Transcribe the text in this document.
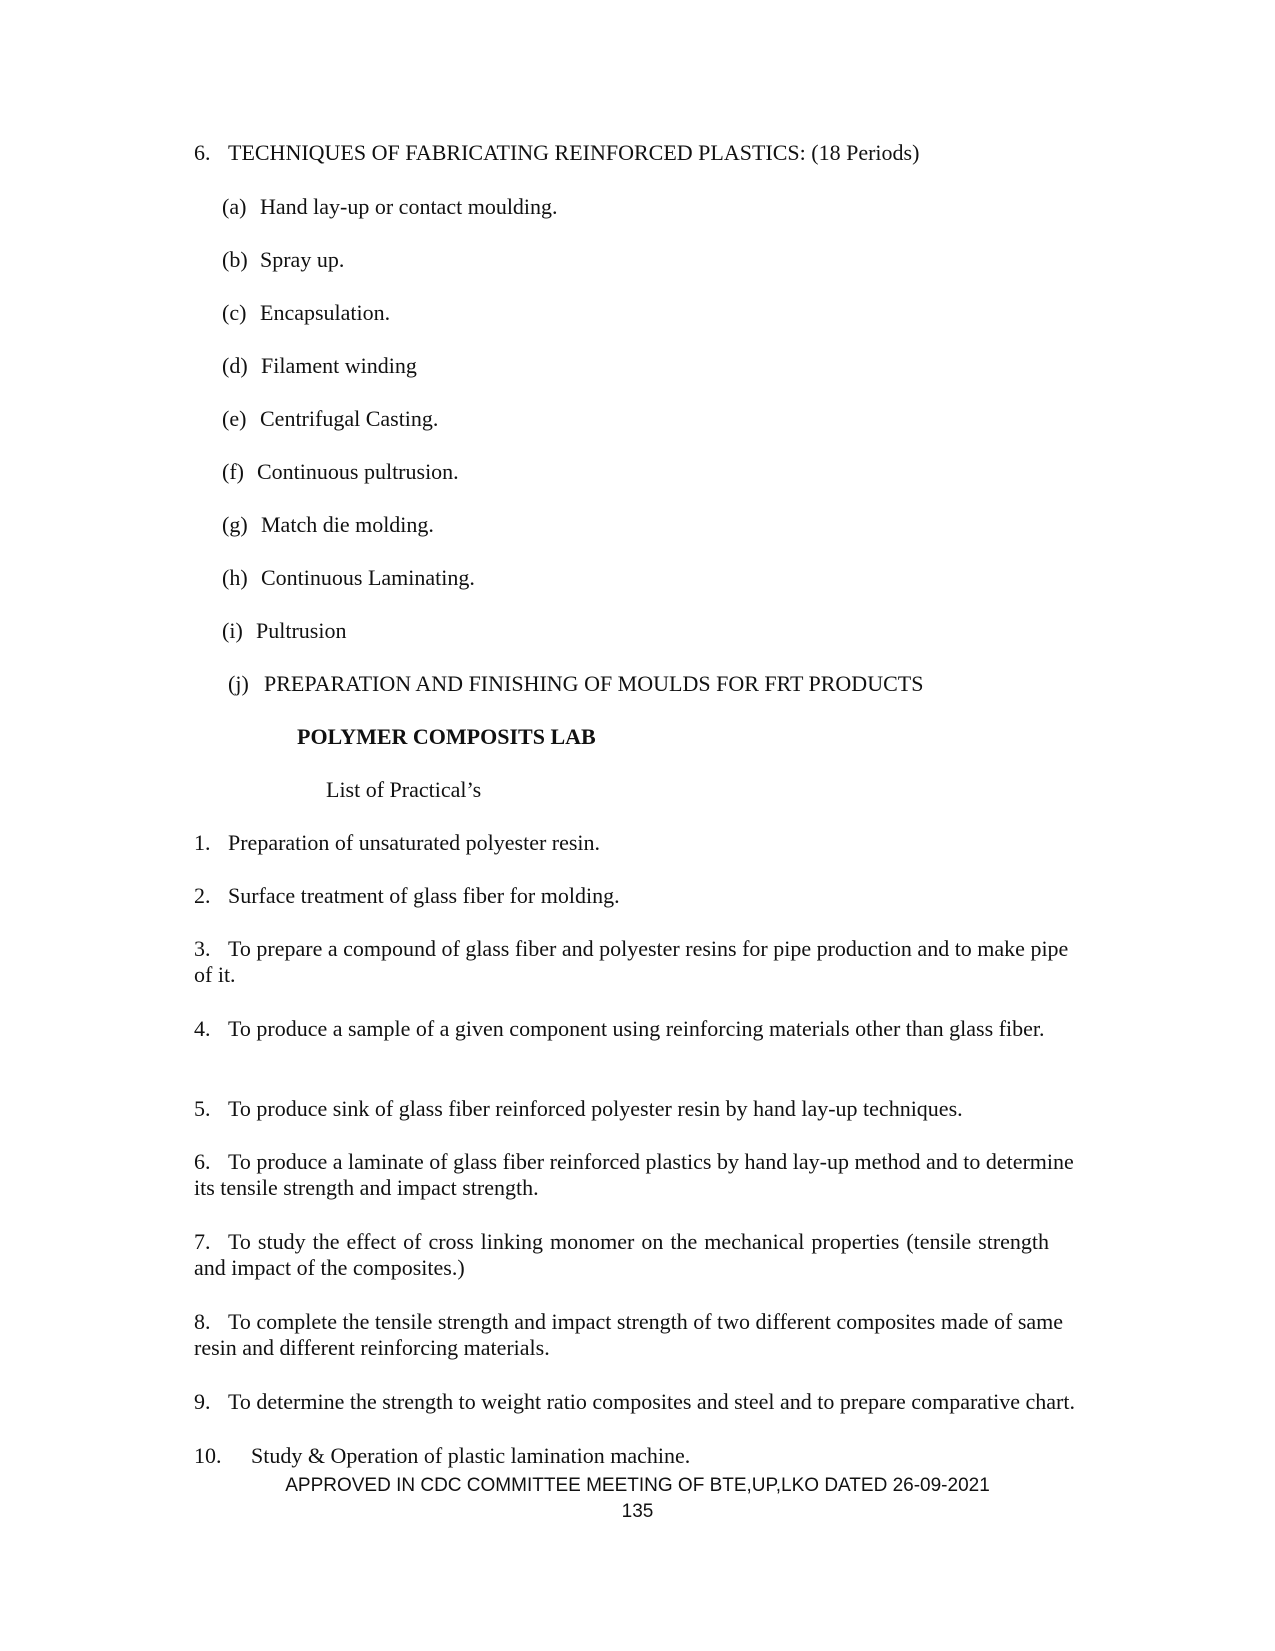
6. TECHNIQUES OF FABRICATING REINFORCED PLASTICS: (18 Periods)
(a) Hand lay-up or contact moulding.
(b) Spray up.
(c) Encapsulation.
(d) Filament winding
(e) Centrifugal Casting.
(f) Continuous pultrusion.
(g) Match die molding.
(h) Continuous Laminating.
(i) Pultrusion
(j) PREPARATION AND FINISHING OF MOULDS FOR FRT PRODUCTS
POLYMER COMPOSITS LAB
List of Practical’s
1. Preparation of unsaturated polyester resin.
2. Surface treatment of glass fiber for molding.
3. To prepare a compound of glass fiber and polyester resins for pipe production and to make pipe of it.
4. To produce a sample of a given component using reinforcing materials other than glass fiber.
5. To produce sink of glass fiber reinforced polyester resin by hand lay-up techniques.
6. To produce a laminate of glass fiber reinforced plastics by hand lay-up method and to determine its tensile strength and impact strength.
7. To study the effect of cross linking monomer on the mechanical properties (tensile strength and impact of the composites.)
8. To complete the tensile strength and impact strength of two different composites made of same resin and different reinforcing materials.
9. To determine the strength to weight ratio composites and steel and to prepare comparative chart.
10. Study & Operation of plastic lamination machine.
APPROVED IN CDC COMMITTEE MEETING OF BTE,UP,LKO DATED 26-09-2021
135
